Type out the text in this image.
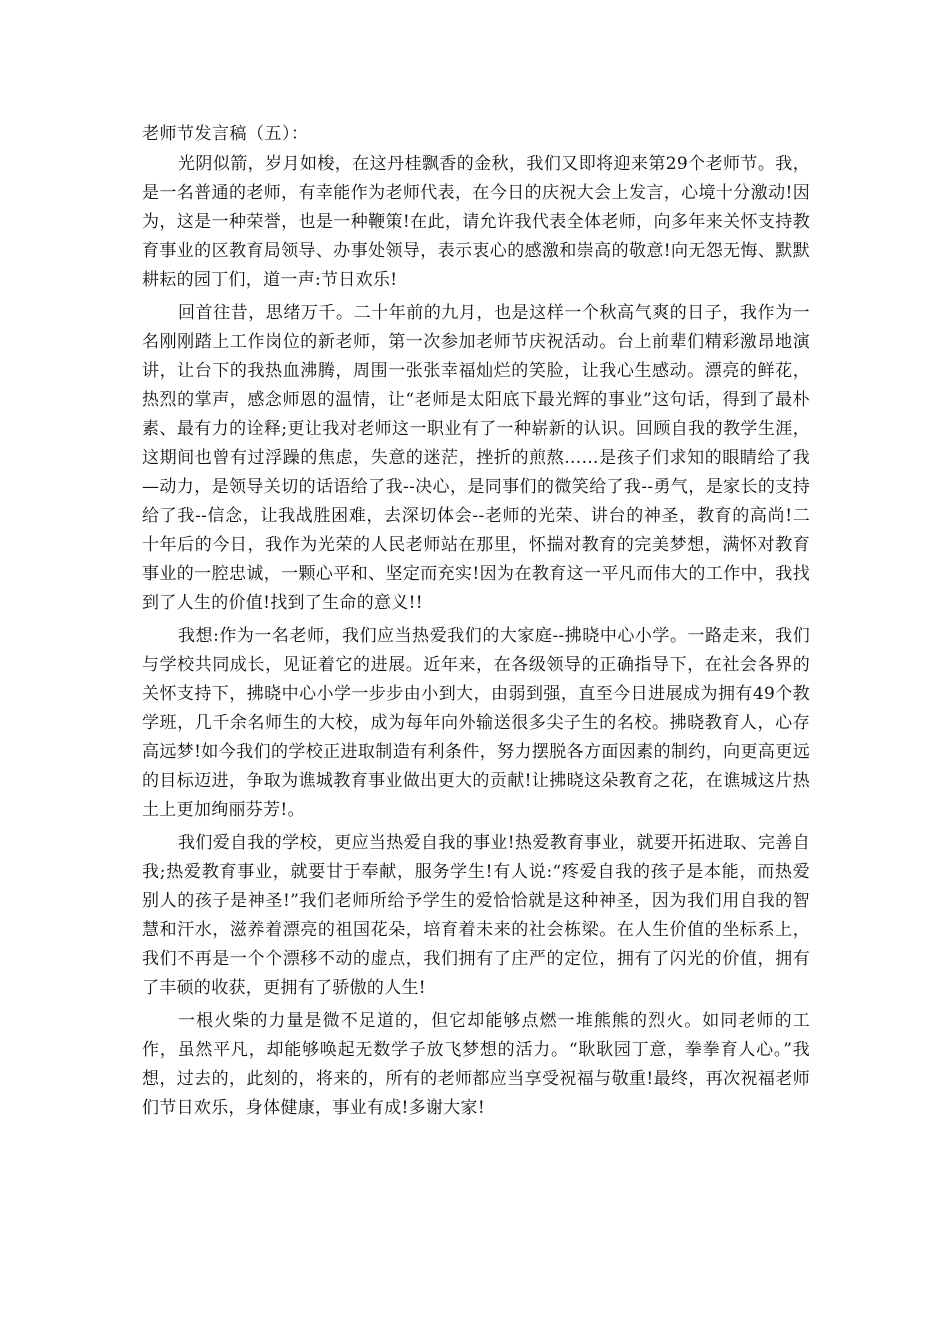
老师节发言稿（五）：

光阴似箭，岁月如梭，在这丹桂飘香的金秋，我们又即将迎来第29个老师节。我，是一名普通的老师，有幸能作为老师代表，在今日的庆祝大会上发言，心境十分激动!因为，这是一种荣誉，也是一种鞭策!在此，请允许我代表全体老师，向多年来关怀支持教育事业的区教育局领导、办事处领导，表示衷心的感激和崇高的敬意!向无怨无悔、默默耕耘的园丁们，道一声:节日欢乐!

回首往昔，思绪万千。二十年前的九月，也是这样一个秋高气爽的日子，我作为一名刚刚踏上工作岗位的新老师，第一次参加老师节庆祝活动。台上前辈们精彩激昂地演讲，让台下的我热血沸腾，周围一张张幸福灿烂的笑脸，让我心生感动。漂亮的鲜花，热烈的掌声，感念师恩的温情，让“老师是太阳底下最光辉的事业”这句话，得到了最朴素、最有力的诠释;更让我对老师这一职业有了一种崭新的认识。回顾自我的教学生涯，这期间也曾有过浮躁的焦虑，失意的迷茫，挫折的煎熬……是孩子们求知的眼睛给了我—动力，是领导关切的话语给了我--决心，是同事们的微笑给了我--勇气，是家长的支持给了我--信念，让我战胜困难，去深切体会--老师的光荣、讲台的神圣，教育的高尚!二十年后的今日，我作为光荣的人民老师站在那里，怀揣对教育的完美梦想，满怀对教育事业的一腔忠诚，一颗心平和、坚定而充实!因为在教育这一平凡而伟大的工作中，我找到了人生的价值!找到了生命的意义!!

我想:作为一名老师，我们应当热爱我们的大家庭--拂晓中心小学。一路走来，我们与学校共同成长，见证着它的进展。近年来，在各级领导的正确指导下，在社会各界的关怀支持下，拂晓中心小学一步步由小到大，由弱到强，直至今日进展成为拥有49个教学班，几千余名师生的大校，成为每年向外输送很多尖子生的名校。拂晓教育人，心存高远梦!如今我们的学校正进取制造有利条件，努力摆脱各方面因素的制约，向更高更远的目标迈进，争取为谯城教育事业做出更大的贡献!让拂晓这朵教育之花，在谯城这片热土上更加绚丽芬芳!。

我们爱自我的学校，更应当热爱自我的事业!热爱教育事业，就要开拓进取、完善自我;热爱教育事业，就要甘于奉献，服务学生!有人说:“疼爱自我的孩子是本能，而热爱别人的孩子是神圣!”我们老师所给予学生的爱恰恰就是这种神圣，因为我们用自我的智慧和汗水，滋养着漂亮的祖国花朵，培育着未来的社会栋梁。在人生价值的坐标系上，我们不再是一个个漂移不动的虚点，我们拥有了庄严的定位，拥有了闪光的价值，拥有了丰硕的收获，更拥有了骄傲的人生!

一根火柴的力量是微不足道的，但它却能够点燃一堆熊熊的烈火。如同老师的工作，虽然平凡，却能够唤起无数学子放飞梦想的活力。“耿耿园丁意，拳拳育人心。”我想，过去的，此刻的，将来的，所有的老师都应当享受祝福与敬重!最终，再次祝福老师们节日欢乐，身体健康，事业有成!多谢大家!
